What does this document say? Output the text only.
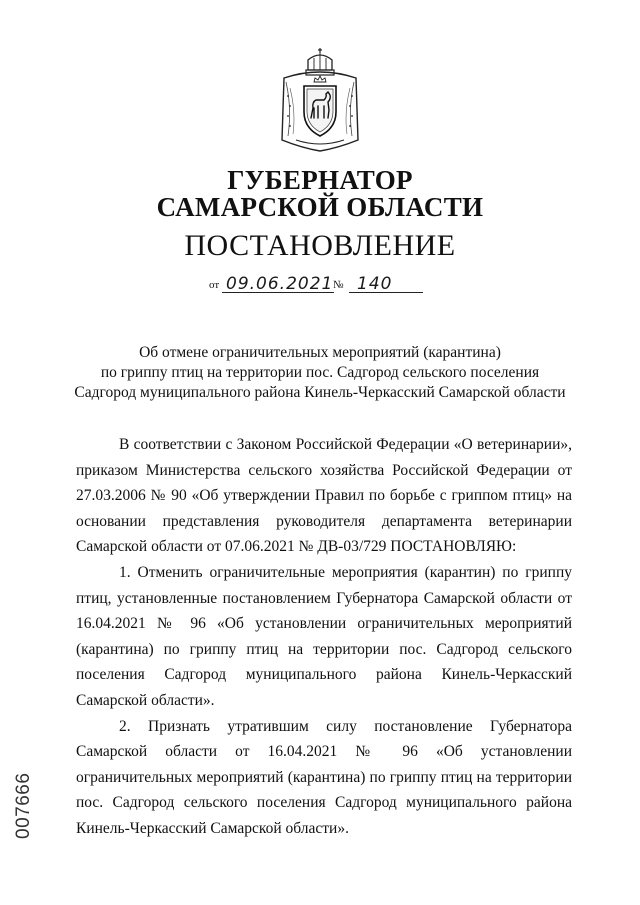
ГУБЕРНАТОР
САМАРСКОЙ ОБЛАСТИ
ПОСТАНОВЛЕНИЕ
от 09.06.2021 № 140
Об отмене ограничительных мероприятий (карантина)
по гриппу птиц на территории пос. Садгород сельского поселения
Садгород муниципального района Кинель-Черкасский Самарской области

В соответствии с Законом Российской Федерации «О ветеринарии», приказом Министерства сельского хозяйства Российской Федерации от 27.03.2006 № 90 «Об утверждении Правил по борьбе с гриппом птиц» на основании представления руководителя департамента ветеринарии Самарской области от 07.06.2021 № ДВ-03/729 ПОСТАНОВЛЯЮ:

1. Отменить ограничительные мероприятия (карантин) по гриппу птиц, установленные постановлением Губернатора Самарской области от 16.04.2021 № 96 «Об установлении ограничительных мероприятий (карантина) по гриппу птиц на территории пос. Садгород сельского поселения Садгород муниципального района Кинель-Черкасский Самарской области».

2. Признать утратившим силу постановление Губернатора Самарской области от 16.04.2021 № 96 «Об установлении ограничительных мероприятий (карантина) по гриппу птиц на территории пос. Садгород сельского поселения Садгород муниципального района Кинель-Черкасский Самарской области».

007666
